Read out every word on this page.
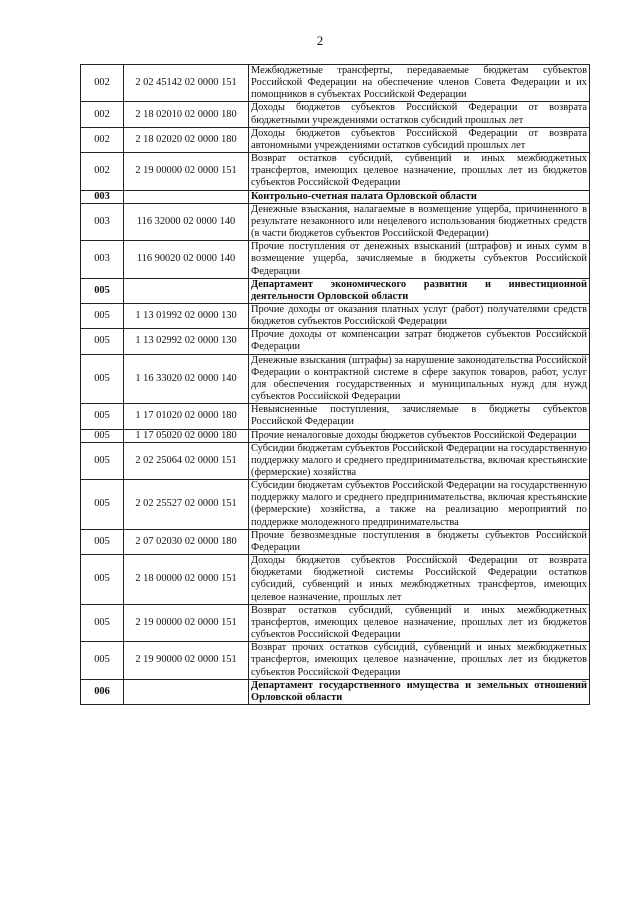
2
002	2 02 45142 02 0000 151	Межбюджетные трансферты, передаваемые бюджетам субъектов Российской Федерации на обеспечение членов Совета Федерации и их помощников в субъектах Российской Федерации
002	2 18 02010 02 0000 180	Доходы бюджетов субъектов Российской Федерации от возврата бюджетными учреждениями остатков субсидий прошлых лет
002	2 18 02020 02 0000 180	Доходы бюджетов субъектов Российской Федерации от возврата автономными учреждениями остатков субсидий прошлых лет
002	2 19 00000 02 0000 151	Возврат остатков субсидий, субвенций и иных межбюджетных трансфертов, имеющих целевое назначение, прошлых лет из бюджетов субъектов Российской Федерации
003		Контрольно-счетная палата Орловской области
003	116 32000 02 0000 140	Денежные взыскания, налагаемые в возмещение ущерба, причиненного в результате незаконного или нецелевого использования бюджетных средств (в части бюджетов субъектов Российской Федерации)
003	116 90020 02 0000 140	Прочие поступления от денежных взысканий (штрафов) и иных сумм в возмещение ущерба, зачисляемые в бюджеты субъектов Российской Федерации
005		Департамент экономического развития и инвестиционной деятельности Орловской области
005	1 13 01992 02 0000 130	Прочие доходы от оказания платных услуг (работ) получателями средств бюджетов субъектов Российской Федерации
005	1 13 02992 02 0000 130	Прочие доходы от компенсации затрат бюджетов субъектов Российской Федерации
005	1 16 33020 02 0000 140	Денежные взыскания (штрафы) за нарушение законодательства Российской Федерации о контрактной системе в сфере закупок товаров, работ, услуг для обеспечения государственных и муниципальных нужд для нужд субъектов Российской Федерации
005	1 17 01020 02 0000 180	Невыясненные поступления, зачисляемые в бюджеты субъектов Российской Федерации
005	1 17 05020 02 0000 180	Прочие неналоговые доходы бюджетов субъектов Российской Федерации
005	2 02 25064 02 0000 151	Субсидии бюджетам субъектов Российской Федерации на государственную поддержку малого и среднего предпринимательства, включая крестьянские (фермерские) хозяйства
005	2 02 25527 02 0000 151	Субсидии бюджетам субъектов Российской Федерации на государственную поддержку малого и среднего предпринимательства, включая крестьянские (фермерские) хозяйства, а также на реализацию мероприятий по поддержке молодежного предпринимательства
005	2 07 02030 02 0000 180	Прочие безвозмездные поступления в бюджеты субъектов Российской Федерации
005	2 18 00000 02 0000 151	Доходы бюджетов субъектов Российской Федерации от возврата бюджетами бюджетной системы Российской Федерации остатков субсидий, субвенций и иных межбюджетных трансфертов, имеющих целевое назначение, прошлых лет
005	2 19 00000 02 0000 151	Возврат остатков субсидий, субвенций и иных межбюджетных трансфертов, имеющих целевое назначение, прошлых лет из бюджетов субъектов Российской Федерации
005	2 19 90000 02 0000 151	Возврат прочих остатков субсидий, субвенций и иных межбюджетных трансфертов, имеющих целевое назначение, прошлых лет из бюджетов субъектов Российской Федерации
006		Департамент государственного имущества и земельных отношений Орловской области
